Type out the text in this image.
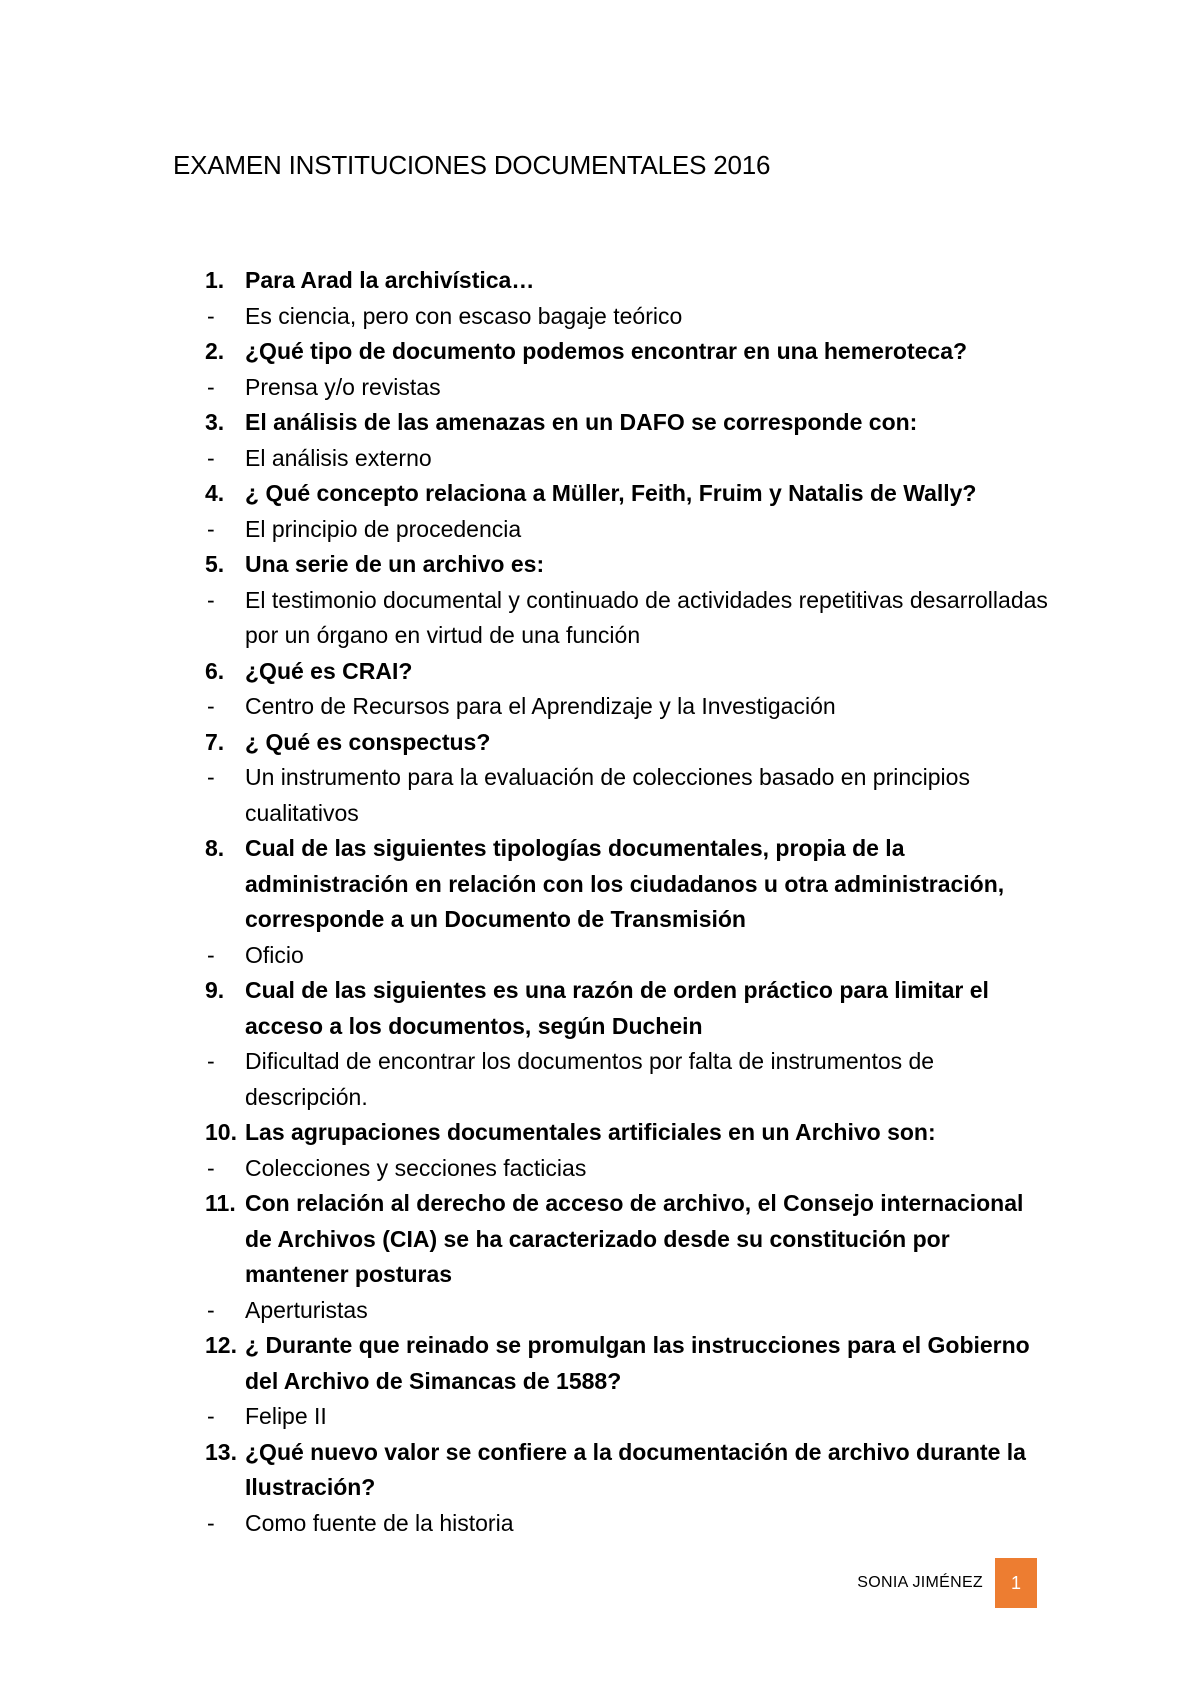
EXAMEN INSTITUCIONES DOCUMENTALES 2016
1. Para Arad la archivística…
-	Es ciencia, pero con escaso bagaje teórico
2. ¿Qué tipo de documento podemos encontrar en una hemeroteca?
-	Prensa y/o revistas
3. El análisis de las amenazas en un DAFO se corresponde con:
-	El análisis externo
4. ¿ Qué concepto relaciona a Müller, Feith, Fruim y Natalis de Wally?
-	El principio de procedencia
5. Una serie de un archivo es:
-	El testimonio documental y continuado de actividades repetitivas desarrolladas por un órgano en virtud de una función
6. ¿Qué es CRAI?
-	Centro de Recursos para el Aprendizaje y la Investigación
7. ¿ Qué es conspectus?
-	Un instrumento para la evaluación de colecciones basado en principios cualitativos
8. Cual de las siguientes tipologías documentales, propia de la administración en relación con los ciudadanos u otra administración, corresponde a un Documento de Transmisión
-	Oficio
9. Cual de las siguientes es una razón de orden práctico para limitar el acceso a los documentos, según Duchein
-	Dificultad de encontrar los documentos por falta de instrumentos de descripción.
10. Las agrupaciones documentales artificiales en un Archivo son:
-	Colecciones y secciones facticias
11. Con relación al derecho de acceso de archivo, el Consejo internacional de Archivos (CIA) se ha caracterizado desde su constitución por mantener posturas
-	Aperturistas
12. ¿ Durante que reinado se promulgan las instrucciones para el Gobierno del Archivo de Simancas de 1588?
-	Felipe II
13. ¿Qué nuevo valor se confiere a la documentación de archivo durante la Ilustración?
-	Como fuente de la historia
SONIA JIMÉNEZ	1
